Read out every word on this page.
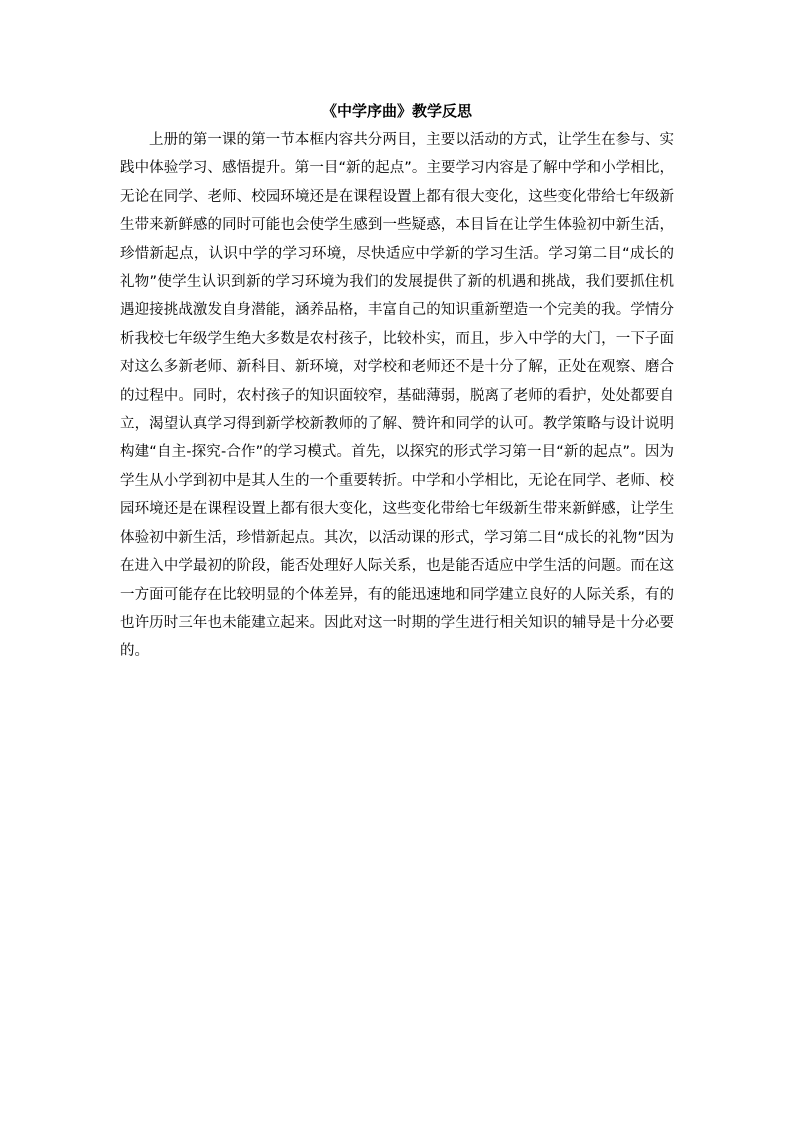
《中学序曲》教学反思

上册的第一课的第一节本框内容共分两目，主要以活动的方式，让学生在参与、实践中体验学习、感悟提升。第一目“新的起点”。主要学习内容是了解中学和小学相比，无论在同学、老师、校园环境还是在课程设置上都有很大变化，这些变化带给七年级新生带来新鲜感的同时可能也会使学生感到一些疑惑，本目旨在让学生体验初中新生活，珍惜新起点，认识中学的学习环境，尽快适应中学新的学习生活。学习第二目“成长的礼物”使学生认识到新的学习环境为我们的发展提供了新的机遇和挑战，我们要抓住机遇迎接挑战激发自身潜能，涵养品格，丰富自己的知识重新塑造一个完美的我。学情分析我校七年级学生绝大多数是农村孩子，比较朴实，而且，步入中学的大门，一下子面对这么多新老师、新科目、新环境，对学校和老师还不是十分了解，正处在观察、磨合的过程中。同时，农村孩子的知识面较窄，基础薄弱，脱离了老师的看护，处处都要自立，渴望认真学习得到新学校新教师的了解、赞许和同学的认可。教学策略与设计说明构建“自主-探究-合作”的学习模式。首先，以探究的形式学习第一目“新的起点”。因为学生从小学到初中是其人生的一个重要转折。中学和小学相比，无论在同学、老师、校园环境还是在课程设置上都有很大变化，这些变化带给七年级新生带来新鲜感，让学生体验初中新生活，珍惜新起点。其次，以活动课的形式，学习第二目“成长的礼物”因为在进入中学最初的阶段，能否处理好人际关系，也是能否适应中学生活的问题。而在这一方面可能存在比较明显的个体差异，有的能迅速地和同学建立良好的人际关系，有的也许历时三年也未能建立起来。因此对这一时期的学生进行相关知识的辅导是十分必要的。
